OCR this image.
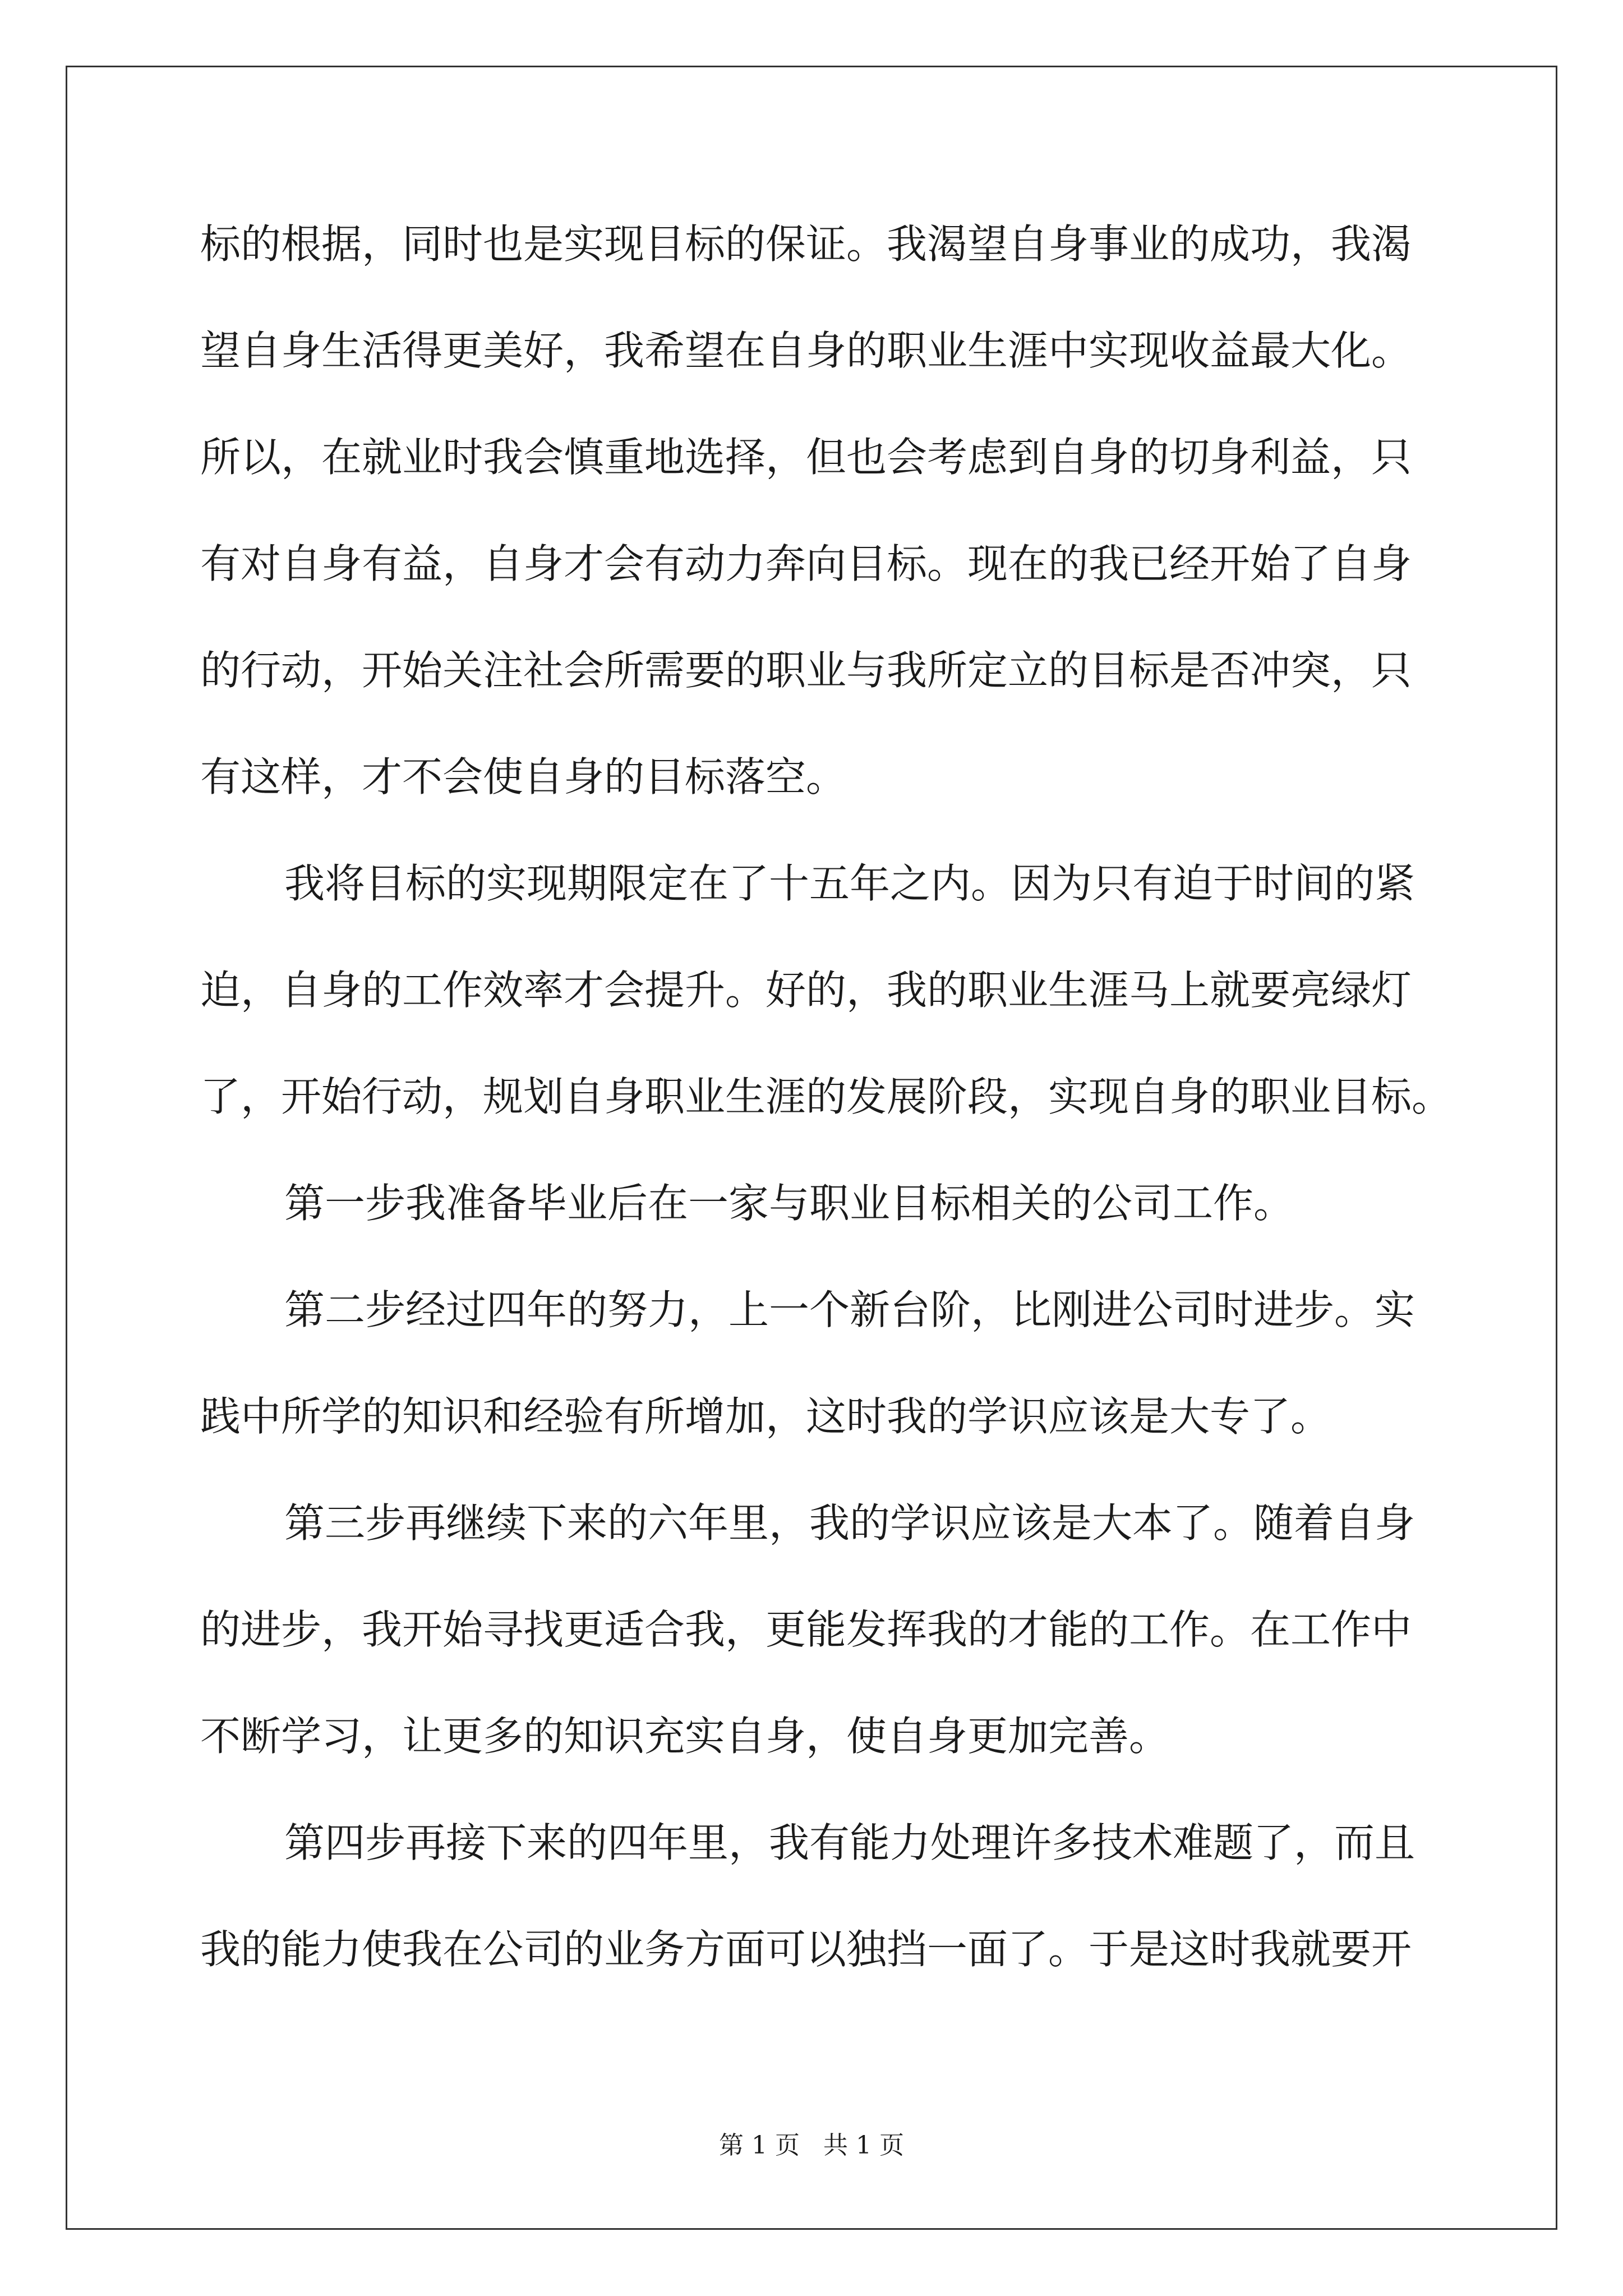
标的根据，同时也是实现目标的保证。我渴望自身事业的成功，我渴
望自身生活得更美好，我希望在自身的职业生涯中实现收益最大化。
所以，在就业时我会慎重地选择，但也会考虑到自身的切身利益，只
有对自身有益，自身才会有动力奔向目标。现在的我已经开始了自身
的行动，开始关注社会所需要的职业与我所定立的目标是否冲突，只
有这样，才不会使自身的目标落空。
我将目标的实现期限定在了十五年之内。因为只有迫于时间的紧
迫，自身的工作效率才会提升。好的，我的职业生涯马上就要亮绿灯
了，开始行动，规划自身职业生涯的发展阶段，实现自身的职业目标。
第一步我准备毕业后在一家与职业目标相关的公司工作。
第二步经过四年的努力，上一个新台阶，比刚进公司时进步。实
践中所学的知识和经验有所增加，这时我的学识应该是大专了。
第三步再继续下来的六年里，我的学识应该是大本了。随着自身
的进步，我开始寻找更适合我，更能发挥我的才能的工作。在工作中
不断学习，让更多的知识充实自身，使自身更加完善。
第四步再接下来的四年里，我有能力处理许多技术难题了，而且
我的能力使我在公司的业务方面可以独挡一面了。于是这时我就要开
第 1 页   共 1 页
